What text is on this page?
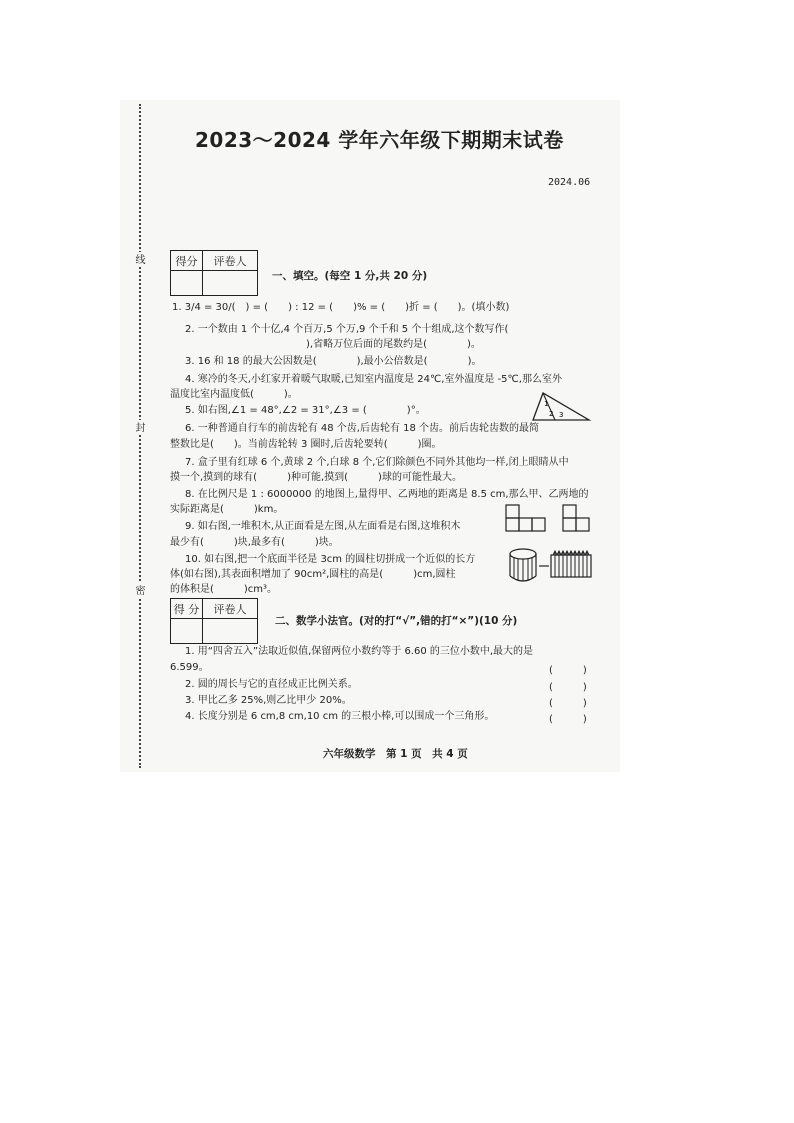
线
封
密
2023～2024 学年六年级下期期末试卷
2024.06
得分	评卷人
一、填空。(每空 1 分,共 20 分)
1. 3/4 = 30/(　) = (　　) : 12 = (　　)% = (　　)折 = (　　)。(填小数)
2. 一个数由 1 个十亿,4 个百万,5 个万,9 个千和 5 个十组成,这个数写作(
),省略万位后面的尾数约是(　　　　)。
3. 16 和 18 的最大公因数是(　　　　),最小公倍数是(　　　　)。
4. 寒冷的冬天,小红家开着暖气取暖,已知室内温度是 24℃,室外温度是 -5℃,那么室外
温度比室内温度低(　　　)。
5. 如右图,∠1 = 48°,∠2 = 31°,∠3 = (　　　　)°。
1
2 3
6. 一种普通自行车的前齿轮有 48 个齿,后齿轮有 18 个齿。前后齿轮齿数的最简
整数比是(　　)。当前齿轮转 3 圈时,后齿轮要转(　　　)圈。
7. 盒子里有红球 6 个,黄球 2 个,白球 8 个,它们除颜色不同外其他均一样,闭上眼睛从中
摸一个,摸到的球有(　　　)种可能,摸到(　　　)球的可能性最大。
8. 在比例尺是 1 : 6000000 的地图上,量得甲、乙两地的距离是 8.5 cm,那么甲、乙两地的
实际距离是(　　　)km。
9. 如右图,一堆积木,从正面看是左图,从左面看是右图,这堆积木
最少有(　　　)块,最多有(　　　)块。
10. 如右图,把一个底面半径是 3cm 的圆柱切拼成一个近似的长方
体(如右图),其表面积增加了 90cm²,圆柱的高是(　　　)cm,圆柱
的体积是(　　　)cm³。
得 分	评卷人
二、数学小法官。(对的打“√”,错的打“×”)(10 分)
1. 用“四舍五入”法取近似值,保留两位小数约等于 6.60 的三位小数中,最大的是
6.599。	(　　　)
2. 圆的周长与它的直径成正比例关系。	(　　　)
3. 甲比乙多 25%,则乙比甲少 20%。	(　　　)
4. 长度分别是 6 cm,8 cm,10 cm 的三根小棒,可以围成一个三角形。	(　　　)
六年级数学　第 1 页　共 4 页
